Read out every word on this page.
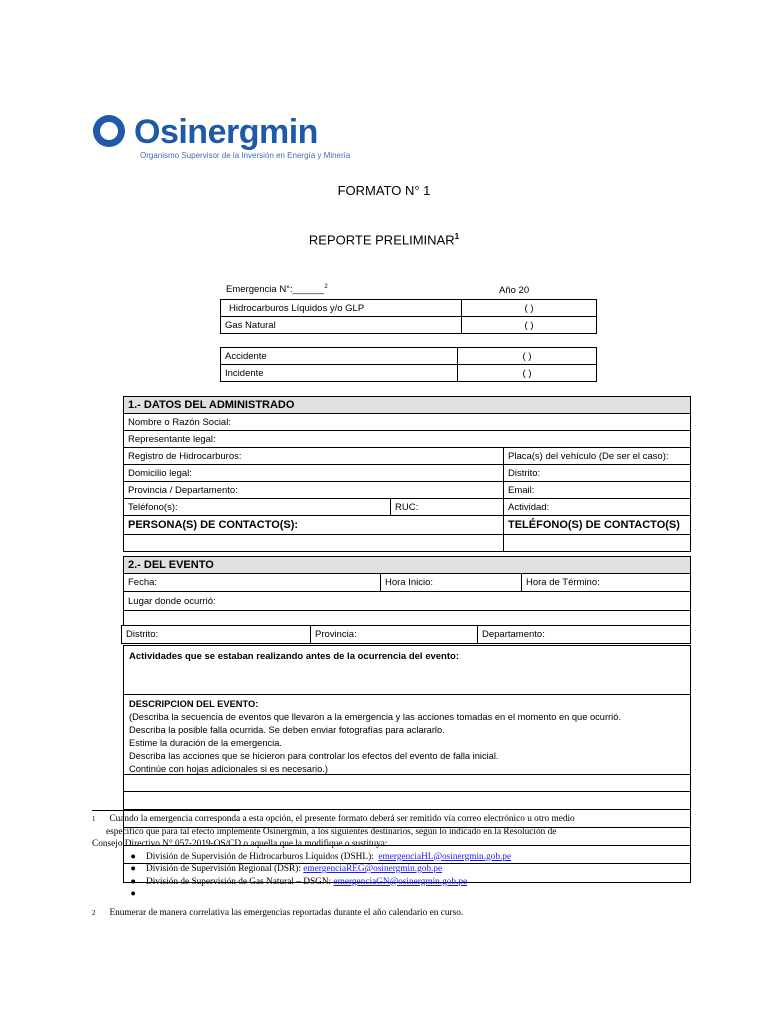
Osinergmin
Organismo Supervisor de la Inversión en Energía y Minería
FORMATO N° 1
REPORTE PRELIMINAR$^1$
Emergencia N°:______$^2$	Año 20
Hidrocarburos Líquidos y/o GLP	( )
Gas Natural	( )
Accidente	( )
Incidente	( )
1.- DATOS DEL ADMINISTRADO		
Nombre o Razón Social:		
Representante legal:		
Registro de Hidrocarburos:		Placa(s) del vehículo (De ser el caso):
Domicilio legal:		Distrito:
Provincia / Departamento:		Email:
Teléfono(s):	RUC:	Actividad:
PERSONA(S) DE CONTACTO(S):		TELÉFONO(S) DE CONTACTO(S)

2.- DEL EVENTO
Fecha:	Hora Inicio:	Hora de Término:
Lugar donde ocurrió:

Distrito:	Provincia:	Departamento:
Actividades que se estaban realizando antes de la ocurrencia del evento:
DESCRIPCION DEL EVENTO:
(Describa la secuencia de eventos que llevaron a la emergencia y las acciones tomadas en el momento en que ocurrió.
Describa la posible falla ocurrida. Se deben enviar fotografías para aclararlo.
Estime la duración de la emergencia.
Describa las acciones que se hicieron para controlar los efectos del evento de falla inicial.
Continúe con hojas adicionales si es necesario.)
1 Cuando la emergencia corresponda a esta opción, el presente formato deberá ser remitido vía correo electrónico u otro medio
específico que para tal efecto implemente Osinergmin, a los siguientes destinarios, según lo indicado en la Resolución de
Consejo Directivo N° 057-2019-OS/CD o aquella que la modifique o sustituya:
● División de Supervisión de Hidrocarburos Líquidos (DSHL): emergenciaHL@osinergmin.gob.pe
● División de Supervisión Regional (DSR): emergenciaREG@osinergmin.gob.pe
● División de Supervisión de Gas Natural – DSGN: emergenciaGN@osinergmin.gob.pe
●
2 Enumerar de manera correlativa las emergencias reportadas durante el año calendario en curso.
